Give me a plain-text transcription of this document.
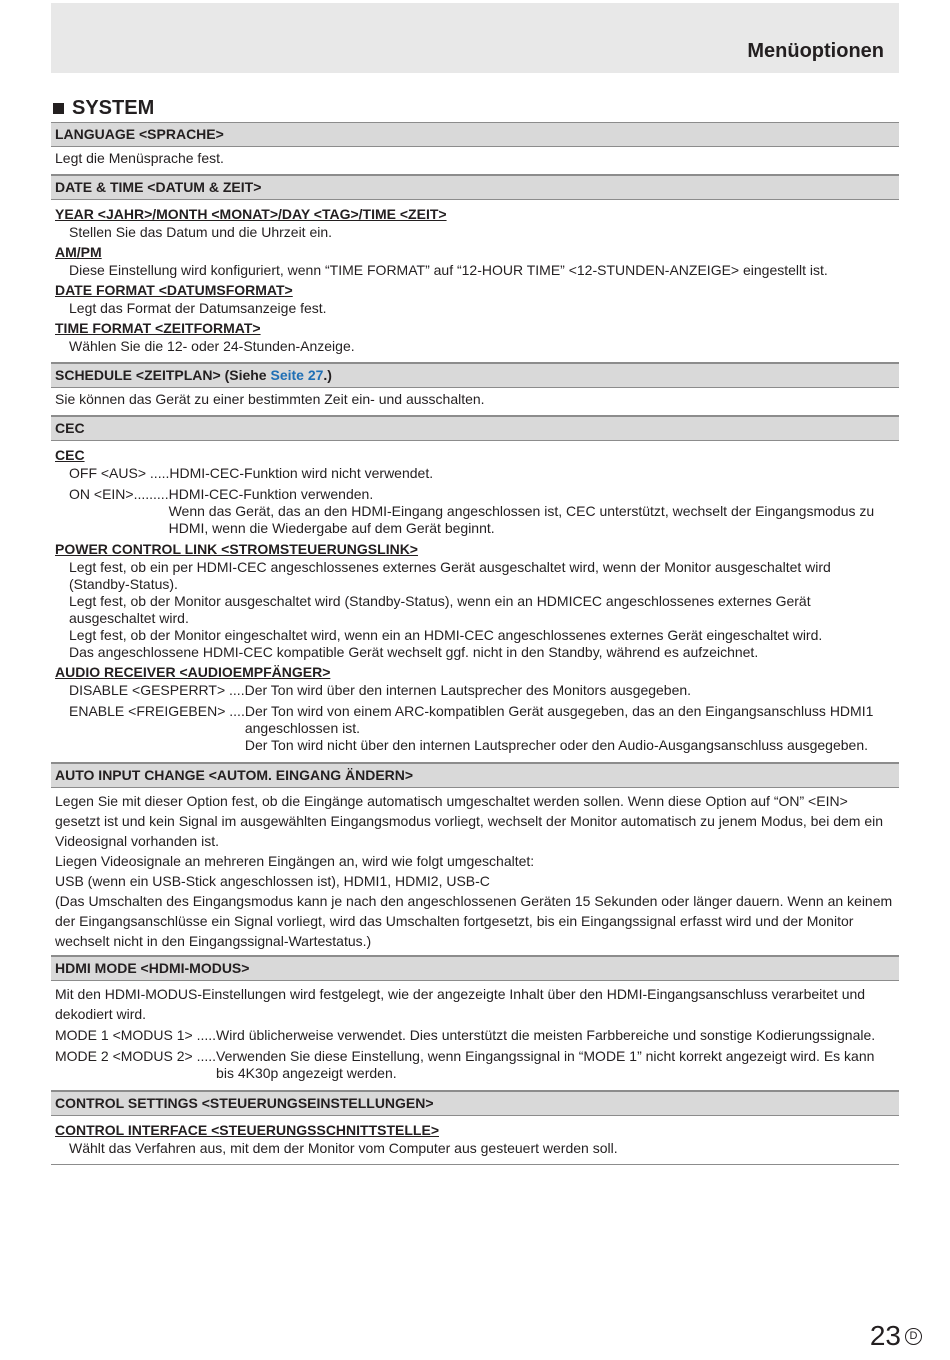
Menüoptionen
SYSTEM
LANGUAGE <SPRACHE>
Legt die Menüsprache fest.
DATE & TIME <DATUM & ZEIT>
YEAR <JAHR>/MONTH <MONAT>/DAY <TAG>/TIME <ZEIT>
Stellen Sie das Datum und die Uhrzeit ein.
AM/PM
Diese Einstellung wird konfiguriert, wenn “TIME FORMAT” auf “12-HOUR TIME” <12-STUNDEN-ANZEIGE> eingestellt ist.
DATE FORMAT <DATUMSFORMAT>
Legt das Format der Datumsanzeige fest.
TIME FORMAT <ZEITFORMAT>
Wählen Sie die 12- oder 24-Stunden-Anzeige.
SCHEDULE <ZEITPLAN> (Siehe Seite 27.)
Sie können das Gerät zu einer bestimmten Zeit ein- und ausschalten.
CEC
CEC
OFF <AUS> ..... HDMI-CEC-Funktion wird nicht verwendet.
ON <EIN>......... HDMI-CEC-Funktion verwenden.
Wenn das Gerät, das an den HDMI-Eingang angeschlossen ist, CEC unterstützt, wechselt der Eingangsmodus zu HDMI, wenn die Wiedergabe auf dem Gerät beginnt.
POWER CONTROL LINK <STROMSTEUERUNGSLINK>
Legt fest, ob ein per HDMI-CEC angeschlossenes externes Gerät ausgeschaltet wird, wenn der Monitor ausgeschaltet wird (Standby-Status).
Legt fest, ob der Monitor ausgeschaltet wird (Standby-Status), wenn ein an HDMICEC angeschlossenes externes Gerät ausgeschaltet wird.
Legt fest, ob der Monitor eingeschaltet wird, wenn ein an HDMI-CEC angeschlossenes externes Gerät eingeschaltet wird.
Das angeschlossene HDMI-CEC kompatible Gerät wechselt ggf. nicht in den Standby, während es aufzeichnet.
AUDIO RECEIVER <AUDIOEMPFÄNGER>
DISABLE <GESPERRT> .... Der Ton wird über den internen Lautsprecher des Monitors ausgegeben.
ENABLE <FREIGEBEN> .... Der Ton wird von einem ARC-kompatiblen Gerät ausgegeben, das an den Eingangsanschluss HDMI1 angeschlossen ist.
Der Ton wird nicht über den internen Lautsprecher oder den Audio-Ausgangsanschluss ausgegeben.
AUTO INPUT CHANGE <AUTOM. EINGANG ÄNDERN>
Legen Sie mit dieser Option fest, ob die Eingänge automatisch umgeschaltet werden sollen. Wenn diese Option auf “ON” <EIN> gesetzt ist und kein Signal im ausgewählten Eingangsmodus vorliegt, wechselt der Monitor automatisch zu jenem Modus, bei dem ein Videosignal vorhanden ist.
Liegen Videosignale an mehreren Eingängen an, wird wie folgt umgeschaltet:
USB (wenn ein USB-Stick angeschlossen ist), HDMI1, HDMI2, USB-C
(Das Umschalten des Eingangsmodus kann je nach den angeschlossenen Geräten 15 Sekunden oder länger dauern. Wenn an keinem der Eingangsanschlüsse ein Signal vorliegt, wird das Umschalten fortgesetzt, bis ein Eingangssignal erfasst wird und der Monitor wechselt nicht in den Eingangssignal-Wartestatus.)
HDMI MODE <HDMI-MODUS>
Mit den HDMI-MODUS-Einstellungen wird festgelegt, wie der angezeigte Inhalt über den HDMI-Eingangsanschluss verarbeitet und dekodiert wird.
MODE 1 <MODUS 1> ..... Wird üblicherweise verwendet. Dies unterstützt die meisten Farbbereiche und sonstige Kodierungssignale.
MODE 2 <MODUS 2> ..... Verwenden Sie diese Einstellung, wenn Eingangssignal in “MODE 1” nicht korrekt angezeigt wird. Es kann bis 4K30p angezeigt werden.
CONTROL SETTINGS <STEUERUNGSEINSTELLUNGEN>
CONTROL INTERFACE <STEUERUNGSSCHNITTSTELLE>
Wählt das Verfahren aus, mit dem der Monitor vom Computer aus gesteuert werden soll.
23 D
